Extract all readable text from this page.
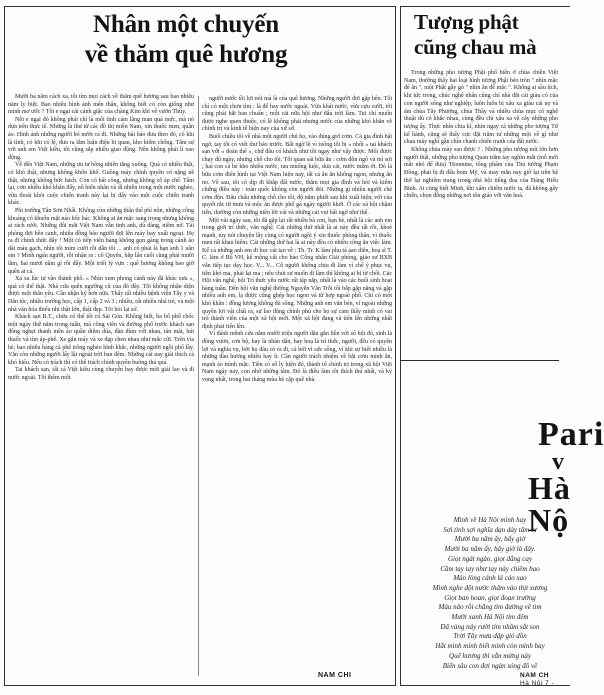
Nhân một chuyến
về thăm quê hương

Mười ba năm cách xa, tôi tìm mọi cách về thăm quê hương sau bao nhiêu năm ly biệt. Bao nhiêu hình ảnh mến thân, không biết có còn giống như mình mơ ước ? Tôi e ngại cái cảnh giặc của chàng Kim khi về vườn Thúy.

Nỗi e ngại đó không phải chỉ là mối tình cảm lãng mạn quá mức, mà nó dựa trên thực tế. Những là thư từ các đồ thị miền Nam, xin thuốc men, quần áo. Hình ảnh những người bỏ nước ra đi. Những bài báo đưa theo đó, có khi là tình, có khi có lệ, đưa ra lắm luận điệu bi quan, kho kiếm chống. Tâm sự với anh em Việt kiều, tôi cũng sắp nhiều giao động. Nên không phải lí xao động.

Về đến Việt Nam, những ưu tư bồng nhiên tăng xuống. Quả có nhiều thật, có khó thật, nhưng không khốn khổ. Guồng máy chính quyền có nặng nề thật, nhưng không bức bách. Còn có bất công, nhưng không cô áp chế. Tâm lại, cơn nhiều khó khăn đấy, nỗ hiến nhân và dì nhiên trong một nước nghèo, vừa thoát khỏi cuộc chiến tranh này lại bị đấy vào một cuộc chiến tranh khác.

Phi trường Tân Sơn Nhất. Không còn những thân thể phì nộn, những công khoáng có khuôn mặt nào hốc hác. Không ai ăn mặc sang trọng nhưng không ai rách rưới. Những đôi mắt Việt Nam vẫn tinh anh, dù dàng, niềm nở. Tài phòng đợi bên cạnh, nhiều đồng bào người đợi lên máy bay xuất ngoại. Họ ra đi chính thức đấy ! Một có tiếp viên hàng không gọn gàng trong cánh áo dài màu gạch, nhìn tôi mỉm cười rồi dẫn tôi ... anh có phải là bạn anh 1 uân em ? Mình ngẩn người, rồi nhận ra : cô Quyên, bắp lấn cuối cùng phải mười lăm, hai mươi năm gì rồi đấy. Một triết lý vựn : quê hương không bao giờ quên ai cả.

Xa xa lúc tư vào thành phố. « Nhìn xem phong cảnh này đã khác xưa », quả có thế thật. Nhà cửa quên ngưởng cũ của đó đây. Tôi không nhận diện được một thân yêu. Cần nhận kỹ hơn nữa. Thấy rất nhiều bệnh viện Tây y và Dân tộc, nhiều trường học, cấp 1, cấp 2 và 3 ; nhiều, rất nhiều nhà trẻ, và một nhà văn hóa thiếu nhi thật lớn, thật đẹp. Tôi hỏi lại sở.

Khách sạn B.T., chừa có thể tôi có Sài Gòn. Không biết, ba bố phố chốc một ngày thứ năm trong tuần, mà công viên và đường phố trước khách sạn đông nghẹt thanh niên áo quần diêm dúa, đàn đùm với nhau, tản mát, hút thuốc và tìm áp-phê. Xe gắn máy và xe đạp chen nhau như mắc cửi. Trên vỉa hè, bao nhiêu hàng cà phê trông nghèo hình khắc, những người ngồi phố lầy. Văn còn những người lấy lật ngoài trời ban đêm. Những cái nay giải thích cả khó hiểu. Nếu có trách thì có thể trách chính quyền buông thả quá.

Tai khách sạn, tất cả Việt kiều cùng chuyến bay được mời giải lao và đi nước ngoài. Tôi thêm một

người nước tồi lợi nói mà là của quê hương. Những người đợi gặp bên. Tôi chỉ có một chơn tìm : là để hay nước ngoài. Vừa khát nước, vừa cựu cười, tôi cũng phải bắt ban chuẩn ; một cái nữa hội như đấu trời làm. Tui chỉ muốn được nghe quen thuộc, có lẽ không phải nhưng nước của những khó khăn về chính trị và kinh tế hiện nay của xứ sở.

Buổi chiều tôi về nhà một người chú họ, vào đúng giờ cơm. Cả gia đình bật ngờ, tay tôi có viết thư báo trước. Bất ngờ lẽ vì tuổng tôi bị « nhốt » tại khách sạn với « đoàn thể », chứ đâu có khách như tôi ngay như vậy được. Mối được chạy đủ ngày, nhưng chỗ cho tôi. Tôi quan sát bữa ăn : cơm độn ngô và mì sợi ; hai con cá bé kho nhiều nước, rau muống luộc, dưa cải, nước mắm ớt. Đó là bữa cơm điển hình tại Việt Nam hiện nay, tất cả ăn ăn không ngon, nhưng ăn no. Về sau, tôi có dịp đi khắp đất nước, thăm mọi gia đình và hỏi và kiểm chứng điều này : toàn quốc không còn người đói. Những gì nhiều người chẻ cơm độn. Đâu chấu những chỗ cho tôi, độ nắm phiết sau khi xuất hiện, với của quyết rằc từ mưa và mộc ăn được phố gà ngày người khởi. Ở các xã hội chậm tiến, thường còn những niên lời vái và những cái vui bất ngờ như thế.

Một vài ngày sau, tôi đã gặp lại rất nhiều bà con, bạn bè, nhất là các anh em trong giới trí thức, văn nghệ. Cái những thứ nhất là ai này đều rất rồi, khoẻ mạnh, tuy nói chuyện lẫy cùng có người ngồi ý xin thuốc phòng thân, vì thuốc men rất khan hiếm. Cái những thứ hai là ai này đều có nhiều công ăn việc làm. Kể cả những anh em đi học cải tạo về : Th. Tr. K làm phụ tá ạao diễn, hoạ sĩ T. C. làm ở Bộ VH, kể mộng cất cho báo Công nhân Giải phóng, giáo sư BXB vẫn tiếp tục dạy học. V... V... Cô người không chịu đi làm vì chế ý phục vụ, tiền khó ma, phải lại ma ; nếu chút sư muốn đi làm thì không ai bị từ chối. Các Hội văn nghệ, hội Trí thức yêu nước rất tập nắp, nhất là vào các buổi sinh hoạt hàng tuần. Đến hội văn nghệ đường Nguyễn Văn Trỗi tôi bắp gặp năng và gặp nhiều anh em, lạ được cũng ghép học ngon và từ hợp ngoài phố. Chi có một khó khăn : đồng lương không đủ sống. Những anh em văn bèn, vì ngoài những quyền lợi vật chất ra, sự lao động chính phủ cho họ sự cảm thấy mình có vai trò thành viên của một xã hội mới. Một xã hội đang và tiến lên những nhất định phải tiến lên.

Vì đánh mênh cửa nắm mười triệu người dẫu gắn liền với số hội đó, sinh là đồng vươn, cơn bộ, hay là nhân dân, hay hoạ là trí thức, người, đều có quyền lợi và nghĩa vụ, bởi họ đâu có ra đi, cả bởi vì sức sống, vì khi sự biết nhiều là những đàn hương nhiều hay ít. Cần người trách nhiệm về bắt cơm mình ăn, mạnh áo mình mặc. Tiền có số ly hiện đó, thành tố chính trị trong xã hội Việt Nam ngày nay, con nhớ những tâm. Đó là điều làm tôi thích thú nhất, và ký vọng nhất, trong hai tháng mùa hè cặp quê nhà.

NAM CHI
Tượng phật
cũng chau mà

Trong những pho tượng Phật phổ biến ở chùa chiền Việt Nam, thường thấy hai loại hình tượng Phật béo tròn " nhìn mặc để ăn ", một Phật gầy gò " nhìn ăn để mặc ". Không ai sầu tích, khi tức trong, chúc nghệ nhân cũng chỉ nhà đặt cái giàu có của con người sống như nghiệp, luôn luôn bị xâu xa giàu cái nọ và ám chùa Tây Phương, chùa Thầy và nhiều chùa mục có nghệ thuật dù có khắc nhau, cùng đều chỉ xâu xa về cây những pho tượng ấy. Thực nhìn chia kĩ, nhìn ngay cả những pho tượng Tử kể hành, cũng sẽ thấy cực đặt trâm tư những một về gì như chau mày nghĩ gần chín chanh chiến tranh của đất nước.

Không chùa mày sao được ? . Những pho tượng mít lớn hơn người thật, những pho tượng Quan trăm tay nghìn mắt (mỗ mới mắt nhỏ để đưa) 'Hoomme, tổng phẩm của Thủ tướng Phạm Đồng, phải bị đi đấu bom Mỹ, và may mắn nay giờ lại trên bệ thờ lại nghiêm trang trong nhà hội tiếng đọa của Đảng Hiểu Bình. Ai cũng biết Minh, khi xâm chiếm nước ta, đã không gây chiến, chọn đông những nơi tôn giáo với văn hoá.

Pari
v
Hà Nộ
Mình về Hà Nội mình hay
Sợi tình sợi nghĩa dạn dày tâm tư
Mười ba năm ấy, bấy giờ
Mười ba năm ấy, bây giờ là đây.
Giọt ngát ngào, giọt đắng cay
Cầm tay tay như tay này chiêm bao
Mảo lòng cánh lá cáo xao
Mình nghe đột nước thâm vào thịt xương
Giọt ban hoan, giọt đoạn trường
Màu nâo rồi chẳng tìm đường về tim
Mười xanh Hà Nội tìm đêm
Đã vàng náy rưới tìm nhầm sắt son
Trời Tây mưa dập gió dồn
Hắt mình mình biết mình còn mình bay
Quê hương thì vẫn mừng này
Biển sâu con đợi ngàn sóng đồ về
NAM CH
Hà Nội 7 -
